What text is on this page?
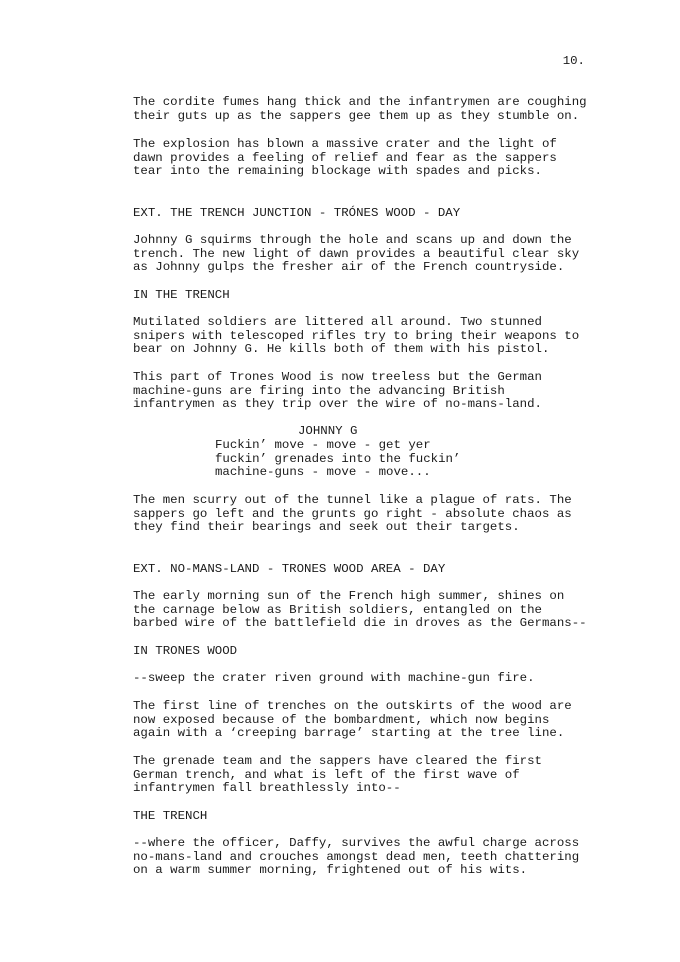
10.
The cordite fumes hang thick and the infantrymen are coughing
their guts up as the sappers gee them up as they stumble on.
The explosion has blown a massive crater and the light of
dawn provides a feeling of relief and fear as the sappers
tear into the remaining blockage with spades and picks.
EXT. THE TRENCH JUNCTION - TRÓNES WOOD - DAY
Johnny G squirms through the hole and scans up and down the
trench. The new light of dawn provides a beautiful clear sky
as Johnny gulps the fresher air of the French countryside.
IN THE TRENCH
Mutilated soldiers are littered all around. Two stunned
snipers with telescoped rifles try to bring their weapons to
bear on Johnny G. He kills both of them with his pistol.
This part of Trones Wood is now treeless but the German
machine-guns are firing into the advancing British
infantrymen as they trip over the wire of no-mans-land.
JOHNNY G
Fuckin’ move - move - get yer
fuckin’ grenades into the fuckin’
machine-guns - move - move...
The men scurry out of the tunnel like a plague of rats. The
sappers go left and the grunts go right - absolute chaos as
they find their bearings and seek out their targets.
EXT. NO-MANS-LAND - TRONES WOOD AREA - DAY
The early morning sun of the French high summer, shines on
the carnage below as British soldiers, entangled on the
barbed wire of the battlefield die in droves as the Germans--
IN TRONES WOOD
--sweep the crater riven ground with machine-gun fire.
The first line of trenches on the outskirts of the wood are
now exposed because of the bombardment, which now begins
again with a ‘creeping barrage’ starting at the tree line.
The grenade team and the sappers have cleared the first
German trench, and what is left of the first wave of
infantrymen fall breathlessly into--
THE TRENCH
--where the officer, Daffy, survives the awful charge across
no-mans-land and crouches amongst dead men, teeth chattering
on a warm summer morning, frightened out of his wits.
